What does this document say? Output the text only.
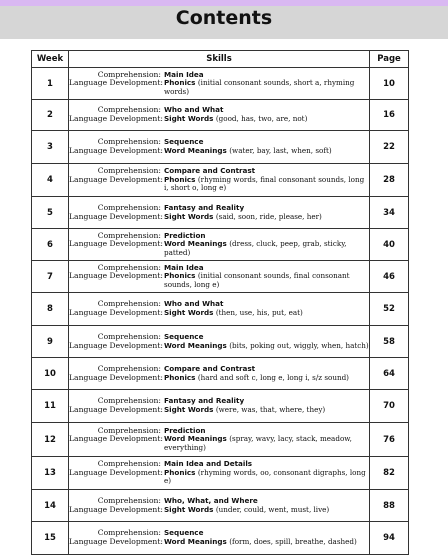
Contents
Week	Skills	Page
1	Comprehension: Main Idea
Language Development: Phonics (initial consonant sounds, short a, rhyming words)	10
2	Comprehension: Who and What
Language Development: Sight Words (good, has, two, are, not)	16
3	Comprehension: Sequence
Language Development: Word Meanings (water, bay, last, when, soft)	22
4	Comprehension: Compare and Contrast
Language Development: Phonics (rhyming words, final consonant sounds, long i, short o, long e)	28
5	Comprehension: Fantasy and Reality
Language Development: Sight Words (said, soon, ride, please, her)	34
6	Comprehension: Prediction
Language Development: Word Meanings (dress, cluck, peep, grab, sticky, patted)	40
7	Comprehension: Main Idea
Language Development: Phonics (initial consonant sounds, final consonant sounds, long e)	46
8	Comprehension: Who and What
Language Development: Sight Words (then, use, his, put, eat)	52
9	Comprehension: Sequence
Language Development: Word Meanings (bits, poking out, wiggly, when, hatch)	58
10	Comprehension: Compare and Contrast
Language Development: Phonics (hard and soft c, long e, long i, s/z sound)	64
11	Comprehension: Fantasy and Reality
Language Development: Sight Words (were, was, that, where, they)	70
12	Comprehension: Prediction
Language Development: Word Meanings (spray, wavy, lacy, stack, meadow, everything)	76
13	Comprehension: Main Idea and Details
Language Development: Phonics (rhyming words, oo, consonant digraphs, long e)	82
14	Comprehension: Who, What, and Where
Language Development: Sight Words (under, could, went, must, live)	88
15	Comprehension: Sequence
Language Development: Word Meanings (form, does, spill, breathe, dashed)	94
